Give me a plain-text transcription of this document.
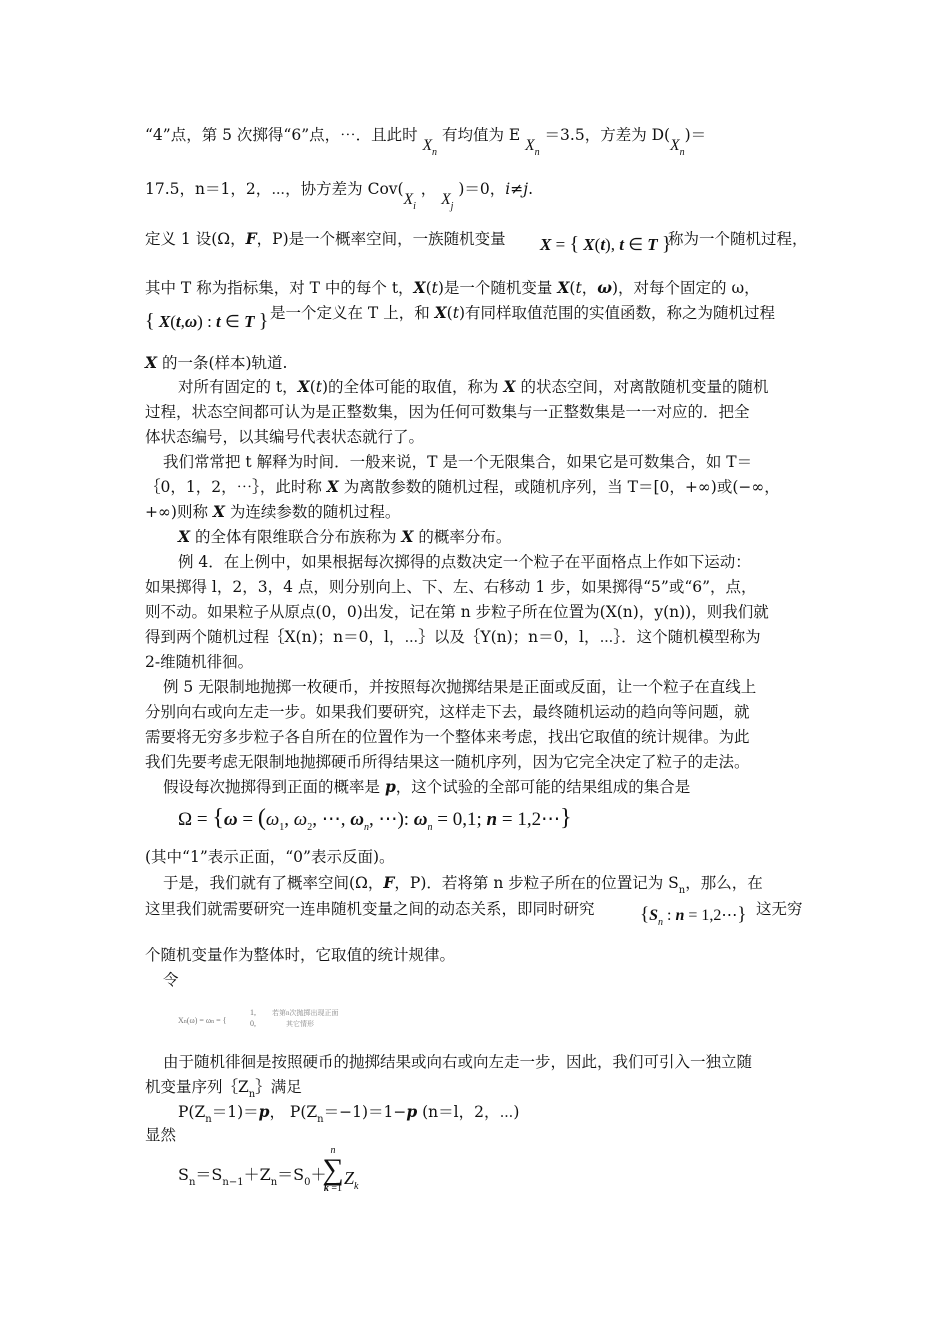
“4”点，第 5 次掷得“6”点，⋯．且此时 $X_n$ 有均值为 E $X_n =3.5$，方差为 $D(X_n)=$
17.5，n＝1，2，⋯，协方差为 $Cov(X_i$ ， $X_j$ )＝0，i≠j.
定义 1 设(Ω，F，P)是一个概率空间，一族随机变量 X = { X(t), t ∈ T }
称为一个随机过程，
其中 T 称为指标集，对 T 中的每个 t，X(t)是一个随机变量 X(t，ω)，对每个固定的 ω，
{ X(t,ω) : t ∈ T } 是一个定义在 T 上，和 X(t)有同样取值范围的实值函数，称之为随机过程
X 的一条(样本)轨道.
对所有固定的 t，X(t)的全体可能的取值，称为 X 的状态空间，对离散随机变量的随机
过程，状态空间都可认为是正整数集，因为任何可数集与一正整数集是一一对应的．把全
体状态编号，以其编号代表状态就行了。
我们常常把 t 解释为时间．一般来说，T 是一个无限集合，如果它是可数集合，如 T＝
｛0，1，2，⋯｝，此时称 X 为离散参数的随机过程，或随机序列，当 T＝[0，+∞)或(−∞，
+∞)则称 X 为连续参数的随机过程。
X 的全体有限维联合分布族称为 X 的概率分布。
例 4．在上例中，如果根据每次掷得的点数决定一个粒子在平面格点上作如下运动：
如果掷得 l，2，3，4 点，则分别向上、下、左、右移动 1 步，如果掷得“5”或“6”，点，
则不动。如果粒子从原点(0，0)出发，记在第 n 步粒子所在位置为(X(n)，y(n))，则我们就
得到两个随机过程｛X(n)；n＝0，l，⋯｝以及｛Y(n)；n＝0，l，⋯｝．这个随机模型称为
2-维随机徘徊。
例 5 无限制地抛掷一枚硬币，并按照每次抛掷结果是正面或反面，让一个粒子在直线上
分别向右或向左走一步。如果我们要研究，这样走下去，最终随机运动的趋向等问题，就
需要将无穷多步粒子各自所在的位置作为一个整体来考虑，找出它取值的统计规律。为此
我们先要考虑无限制地抛掷硬币所得结果这一随机序列，因为它完全决定了粒子的走法。
假设每次抛掷得到正面的概率是 p，这个试验的全部可能的结果组成的集合是
$\Omega = \{\omega = (\omega_1$, $\omega_2$, ⋯, $\omega_n$, ⋯): $\omega_n = 0,1$; n = 1,2⋯}
(其中“1”表示正面，“0”表示反面)。
于是，我们就有了概率空间(Ω，F，P)．若将第 n 步粒子所在的位置记为 $S_n$，那么，在
这里我们就需要研究一连串随机变量之间的动态关系，即同时研究 {$S_n$ : n = 1,2⋯} 这无穷
个随机变量作为整体时，它取值的统计规律。
令
Xn(ω) = ωn = {
1,
0,
若第n次抛掷出现正面
其它情形
由于随机徘徊是按照硬币的抛掷结果或向右或向左走一步，因此，我们可引入一独立随
机变量序列$\{Z_n\}$满足
$P(Z_n=1)=p$， $P(Z_n=-1)=1-p$ (n＝l，2，⋯)
显然
$S_n=S_{n-1}+Z_n=S_0+$
n
∑
k =1
$Z_k$
